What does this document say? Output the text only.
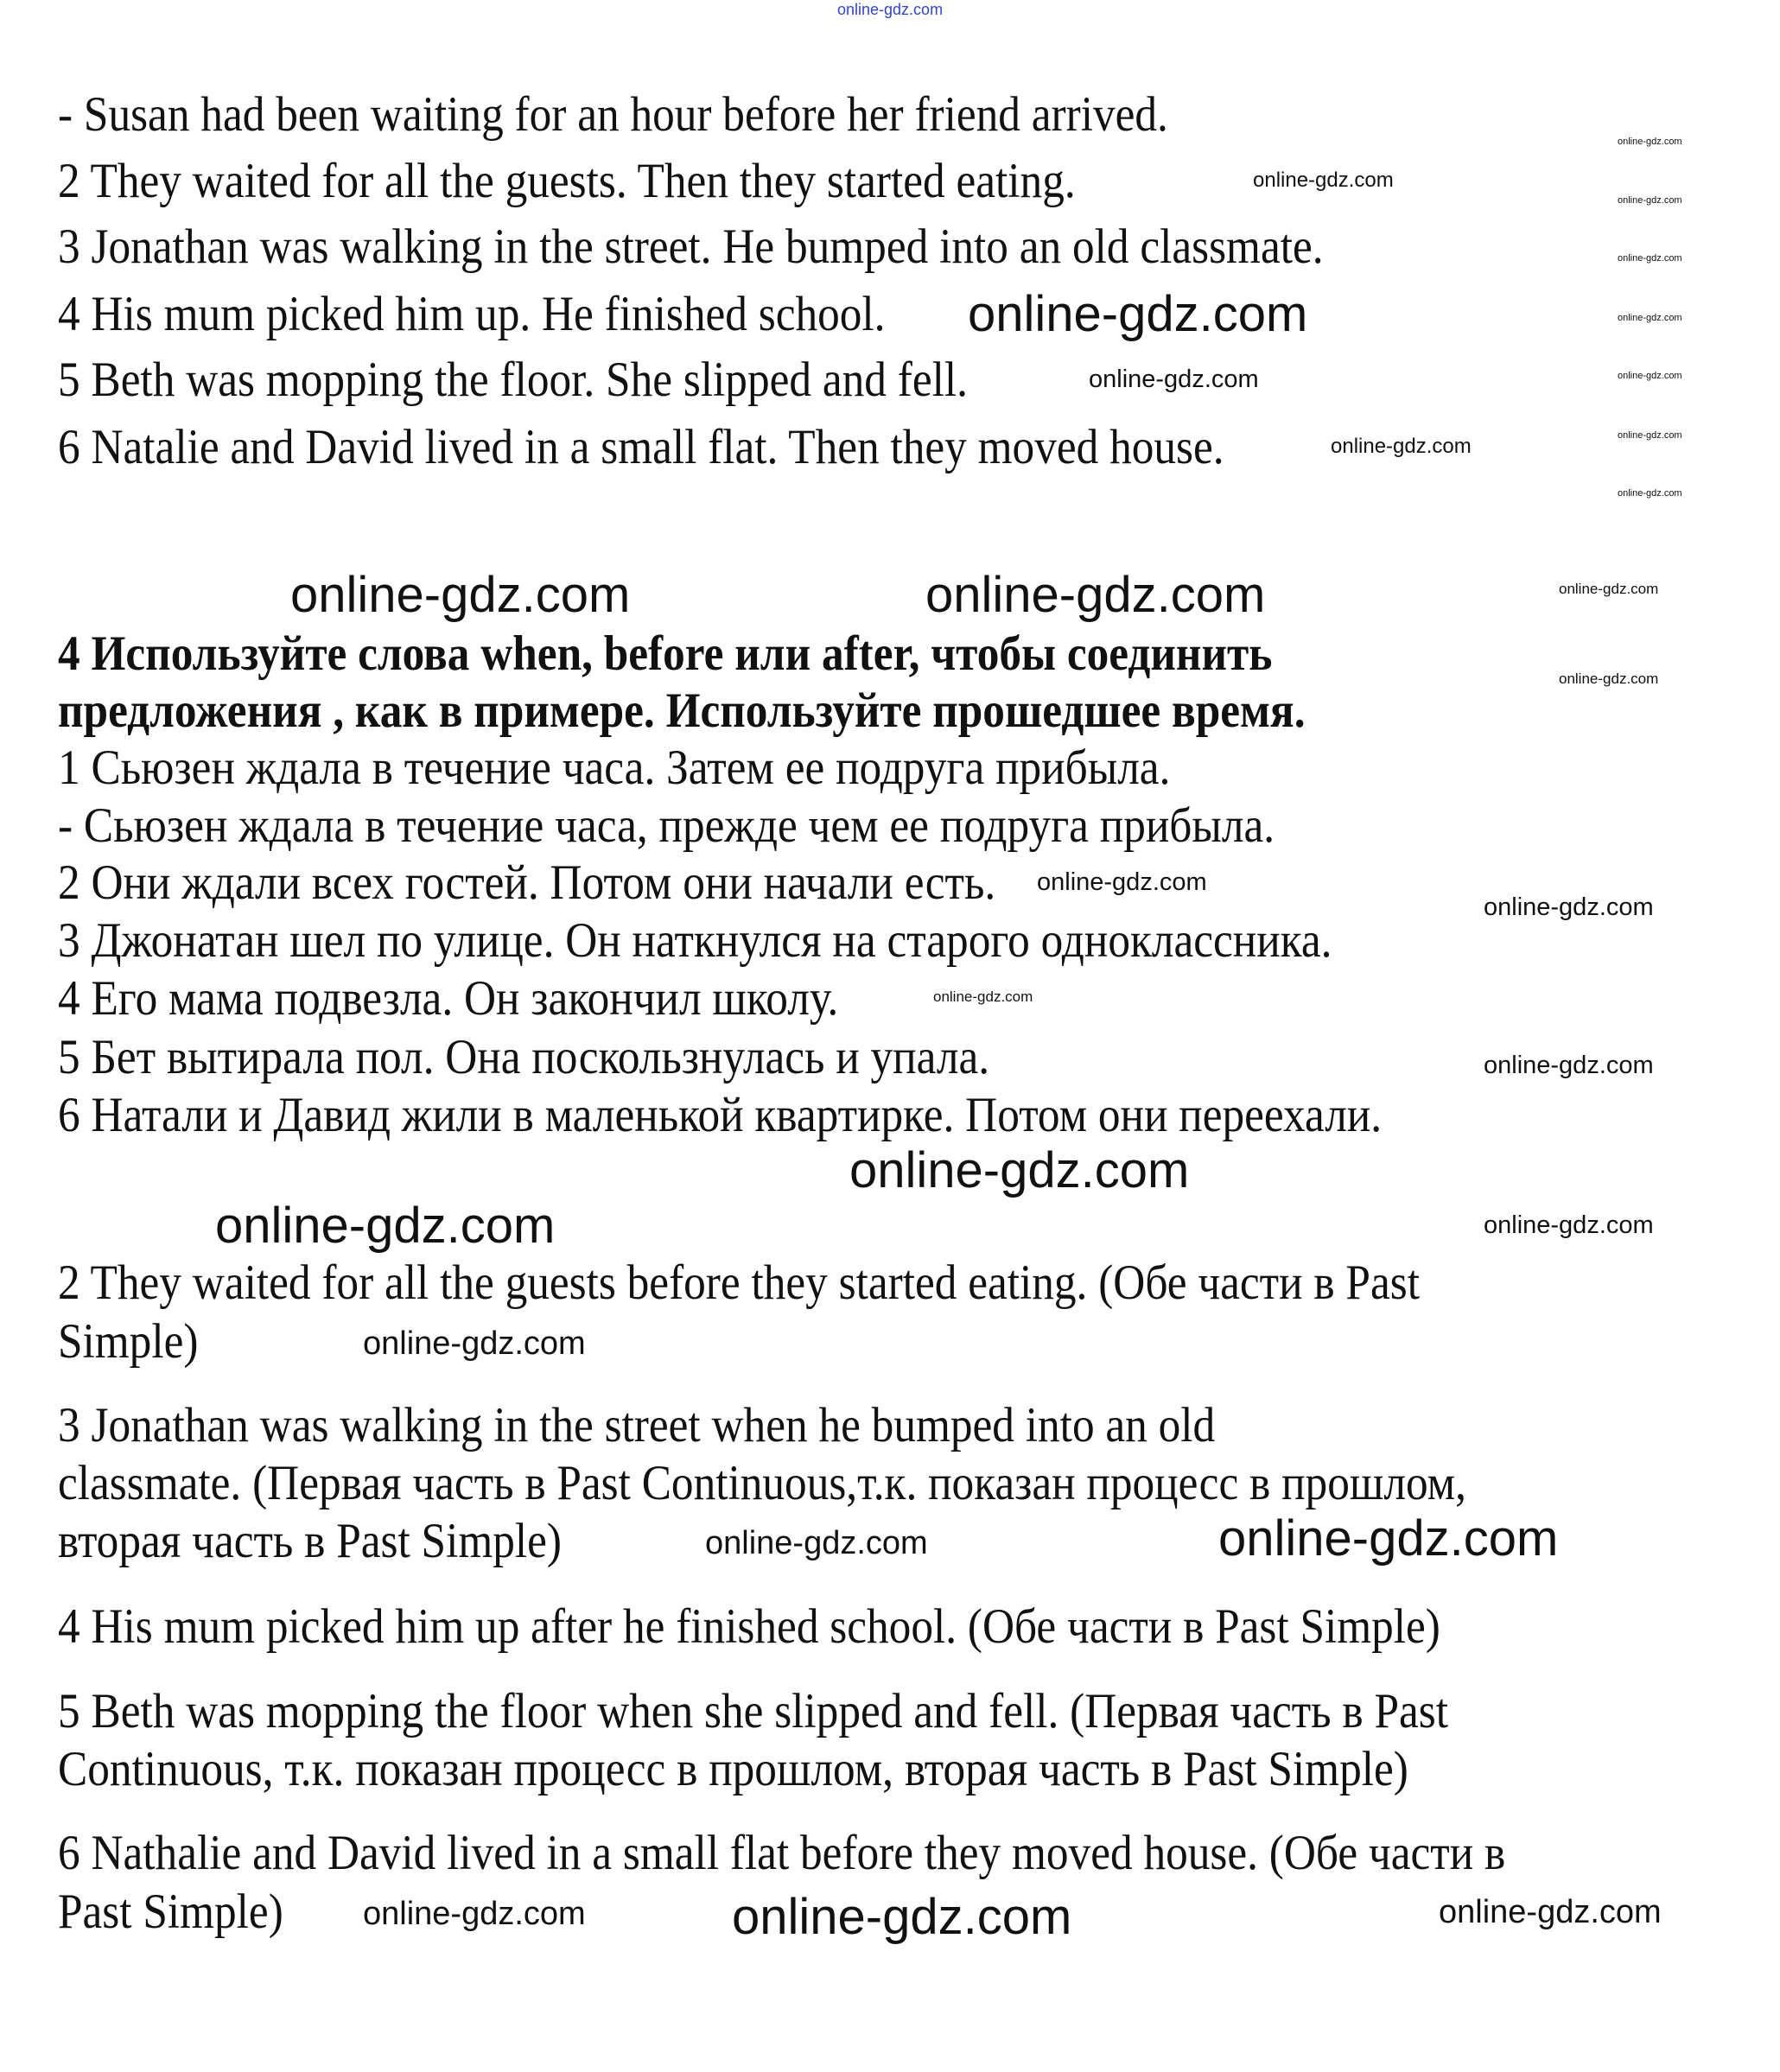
- Susan had been waiting for an hour before her friend arrived.
2 They waited for all the guests. Then they started eating.
3 Jonathan was walking in the street. He bumped into an old classmate.
4 His mum picked him up. He finished school.
5 Beth was mopping the floor. She slipped and fell.
6 Natalie and David lived in a small flat. Then they moved house.
4 Используйте слова when, before или after, чтобы соединить
предложения , как в примере. Используйте прошедшее время.
1 Сьюзен ждала в течение часа. Затем ее подруга прибыла.
- Сьюзен ждала в течение часа, прежде чем ее подруга прибыла.
2 Они ждали всех гостей. Потом они начали есть.
3 Джонатан шел по улице. Он наткнулся на старого одноклассника.
4 Его мама подвезла. Он закончил школу.
5 Бет вытирала пол. Она поскользнулась и упала.
6 Натали и Давид жили в маленькой квартирке. Потом они переехали.
2 They waited for all the guests before they started eating. (Обе части в Past
Simple)
3 Jonathan was walking in the street when he bumped into an old
classmate. (Первая часть в Past Continuous,т.к. показан процесс в прошлом,
вторая часть в Past Simple)
4 His mum picked him up after he finished school. (Обе части в Past Simple)
5 Beth was mopping the floor when she slipped and fell. (Первая часть в Past
Continuous, т.к. показан процесс в прошлом, вторая часть в Past Simple)
6 Nathalie and David lived in a small flat before they moved house. (Обе части в
Past Simple)
online-gdz.com
online-gdz.com
online-gdz.com
online-gdz.com
online-gdz.com
online-gdz.com
online-gdz.com
online-gdz.com
online-gdz.com
online-gdz.com
online-gdz.com
online-gdz.com
online-gdz.com	online-gdz.com	online-gdz.com
online-gdz.com
online-gdz.com
online-gdz.com
online-gdz.com
online-gdz.com
online-gdz.com
online-gdz.com
online-gdz.com
online-gdz.com	online-gdz.com
online-gdz.com
online-gdz.com	online-gdz.com	online-gdz.com
